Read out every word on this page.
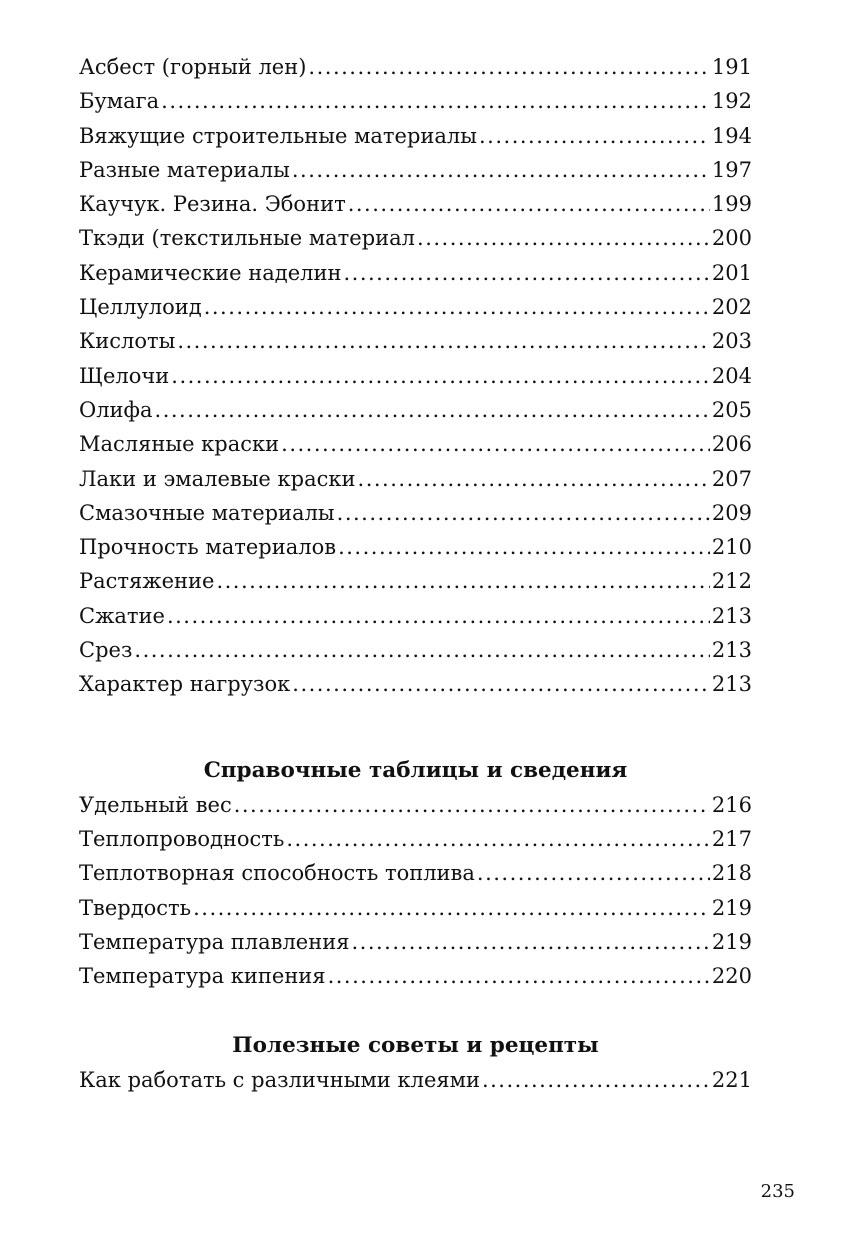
Асбест (горный лен) .....	191
Бумага .....	192
Вяжущие строительные материалы .....	194
Разные материалы .....	197
Каучук. Резина. Эбонит .....	199
Ткэди (текстильные материал .....	200
Керамические наделин .....	201
Целлулоид .....	202
Кислоты .....	203
Щелочи .....	204
Олифа .....	205
Масляные краски .....	206
Лаки и эмалевые краски .....	207
Смазочные материалы .....	209
Прочность материалов .....	210
Растяжение .....	212
Сжатие .....	213
Срез .....	213
Характер нагрузок .....	213
Справочные таблицы и сведения
Удельный вес .....	216
Теплопроводность .....	217
Теплотворная способность топлива .....	218
Твердость .....	219
Температура плавления .....	219
Температура кипения .....	220
Полезные советы и рецепты
Как работать с различными клеями .....	221
235
